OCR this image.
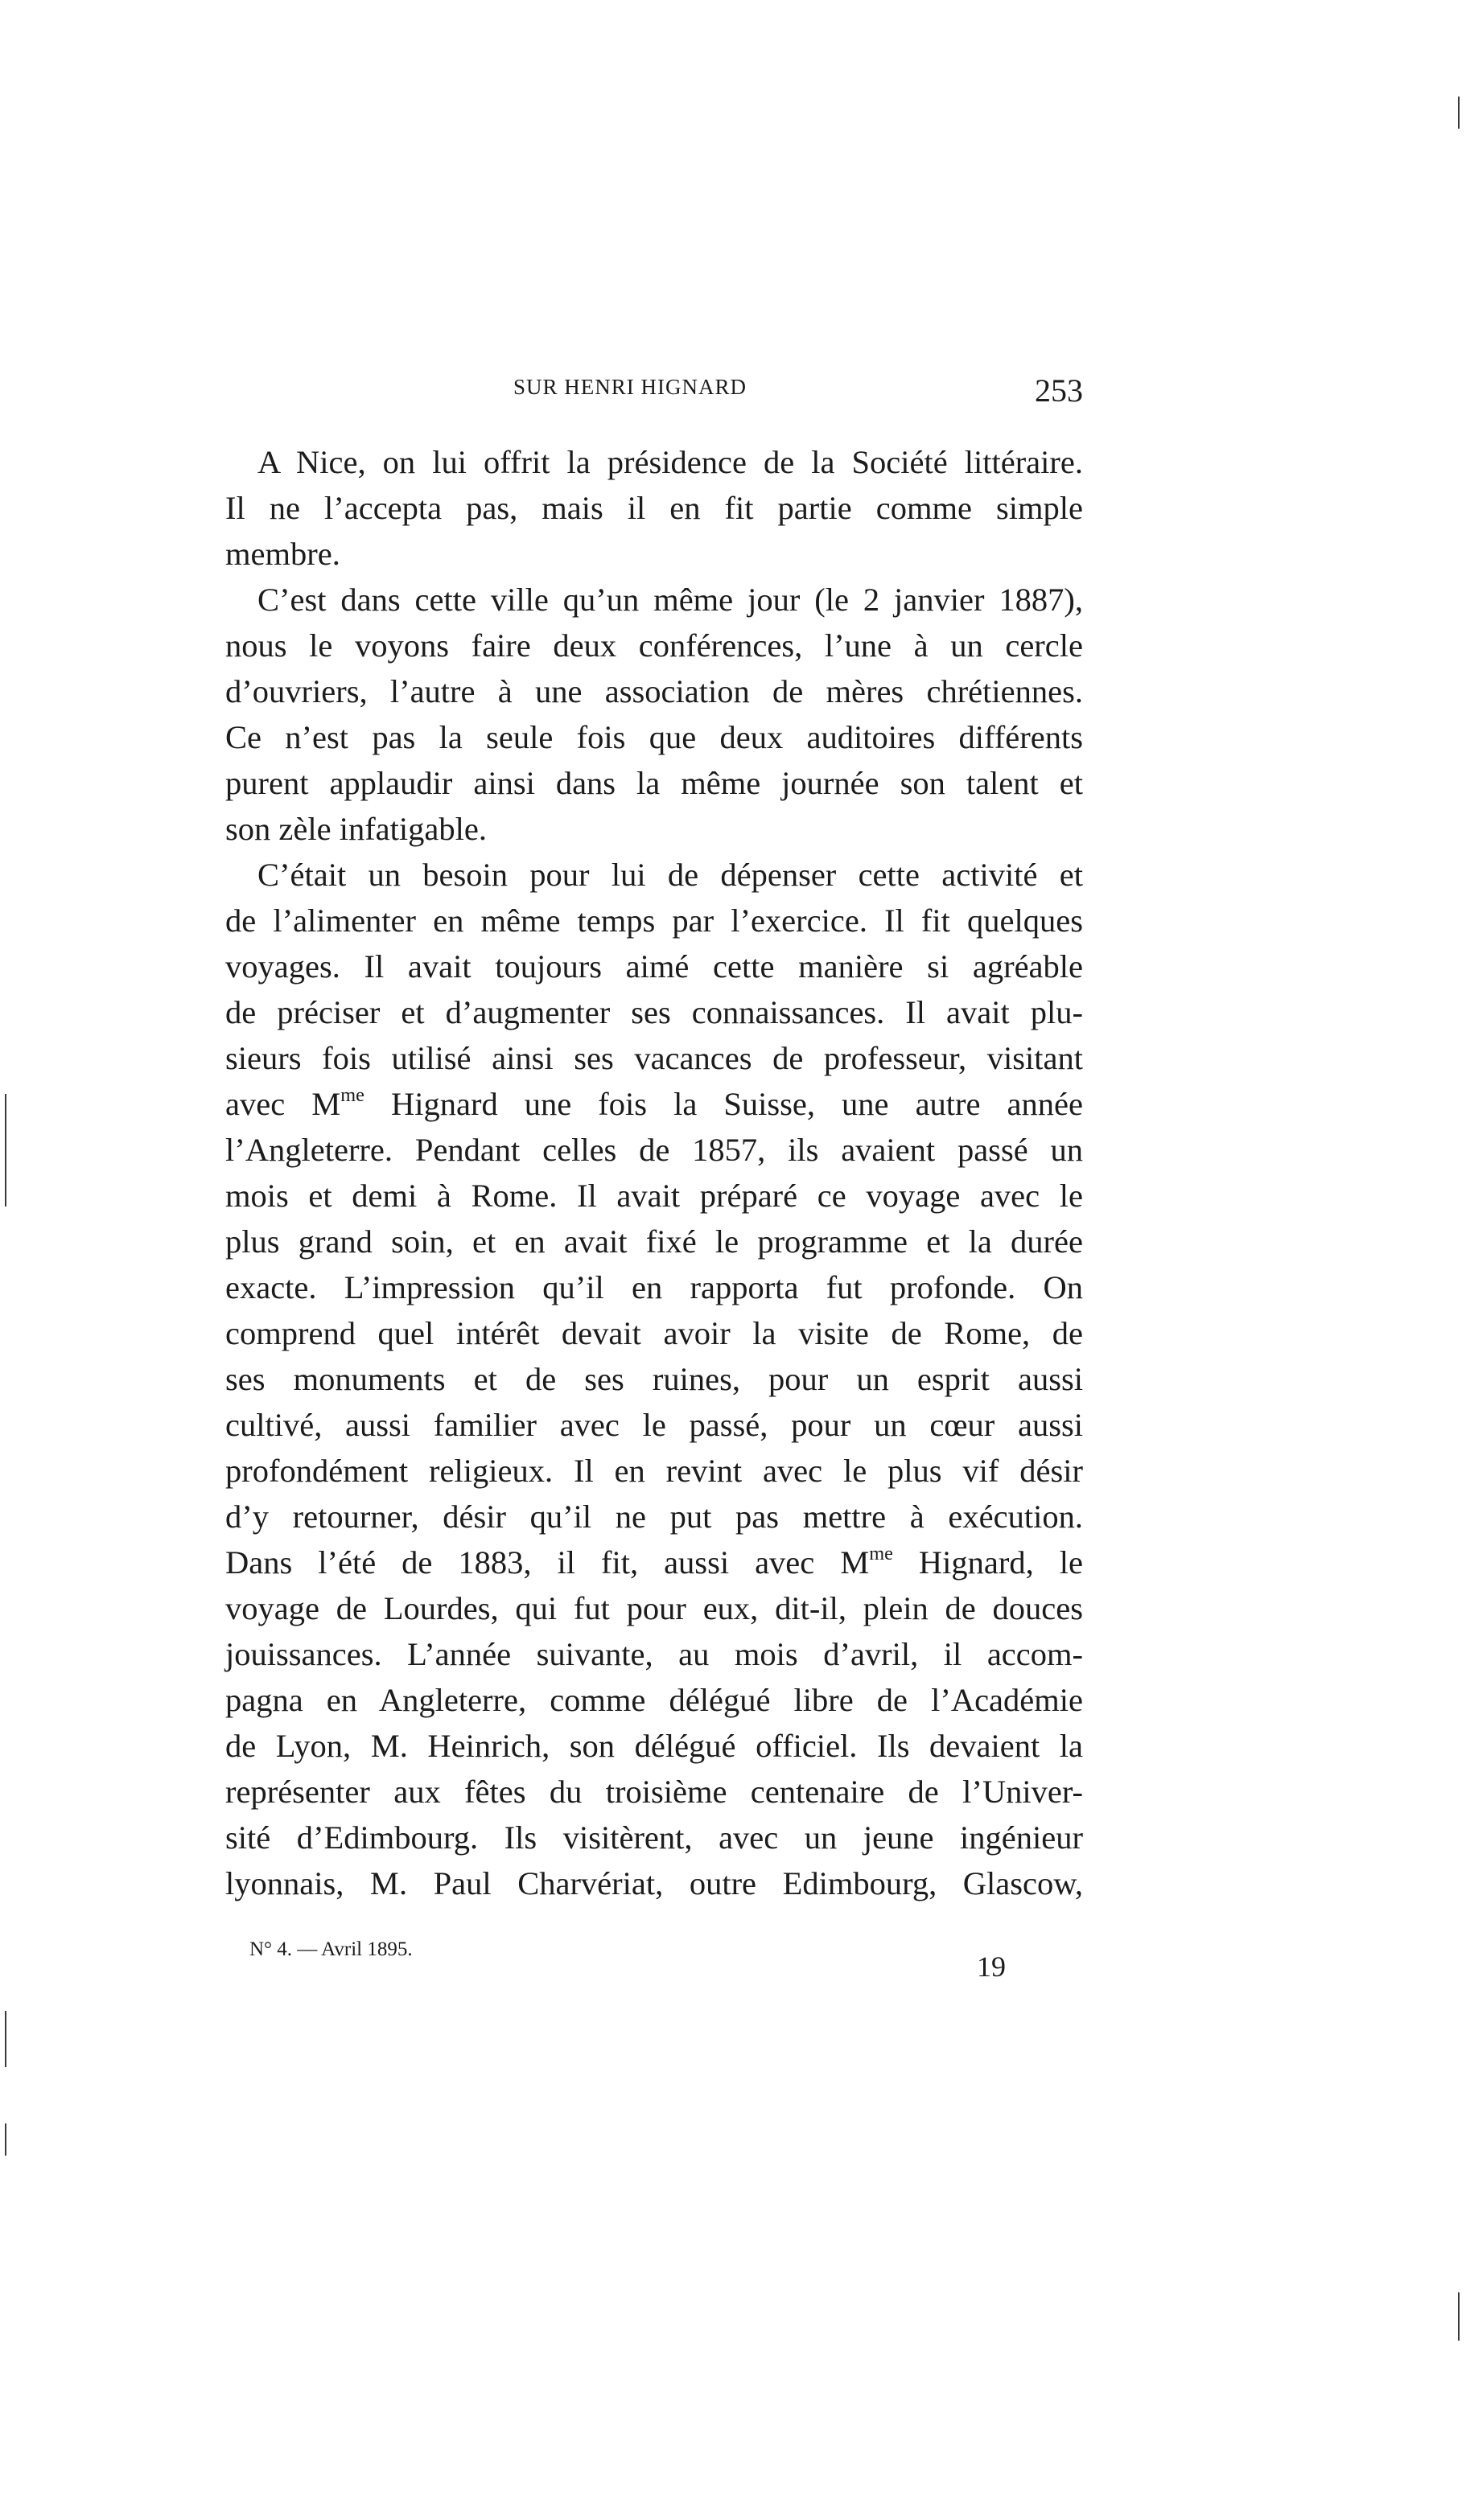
SUR HENRI HIGNARD	253
A Nice, on lui offrit la présidence de la Société littéraire.
Il ne l’accepta pas, mais il en fit partie comme simple
membre.
C’est dans cette ville qu’un même jour (le 2 janvier 1887),
nous le voyons faire deux conférences, l’une à un cercle
d’ouvriers, l’autre à une association de mères chrétiennes.
Ce n’est pas la seule fois que deux auditoires différents
purent applaudir ainsi dans la même journée son talent et
son zèle infatigable.
C’était un besoin pour lui de dépenser cette activité et
de l’alimenter en même temps par l’exercice. Il fit quelques
voyages. Il avait toujours aimé cette manière si agréable
de préciser et d’augmenter ses connaissances. Il avait plu-
sieurs fois utilisé ainsi ses vacances de professeur, visitant
avec $M^{me}$ Hignard une fois la Suisse, une autre année
l’Angleterre. Pendant celles de 1857, ils avaient passé un
mois et demi à Rome. Il avait préparé ce voyage avec le
plus grand soin, et en avait fixé le programme et la durée
exacte. L’impression qu’il en rapporta fut profonde. On
comprend quel intérêt devait avoir la visite de Rome, de
ses monuments et de ses ruines, pour un esprit aussi
cultivé, aussi familier avec le passé, pour un cœur aussi
profondément religieux. Il en revint avec le plus vif désir
d’y retourner, désir qu’il ne put pas mettre à exécution.
Dans l’été de 1883, il fit, aussi avec $M^{me}$ Hignard, le
voyage de Lourdes, qui fut pour eux, dit-il, plein de douces
jouissances. L’année suivante, au mois d’avril, il accom-
pagna en Angleterre, comme délégué libre de l’Académie
de Lyon, M. Heinrich, son délégué officiel. Ils devaient la
représenter aux fêtes du troisième centenaire de l’Univer-
sité d’Edimbourg. Ils visitèrent, avec un jeune ingénieur
lyonnais, M. Paul Charvériat, outre Edimbourg, Glascow,
N° 4. — Avril 1895.
19
